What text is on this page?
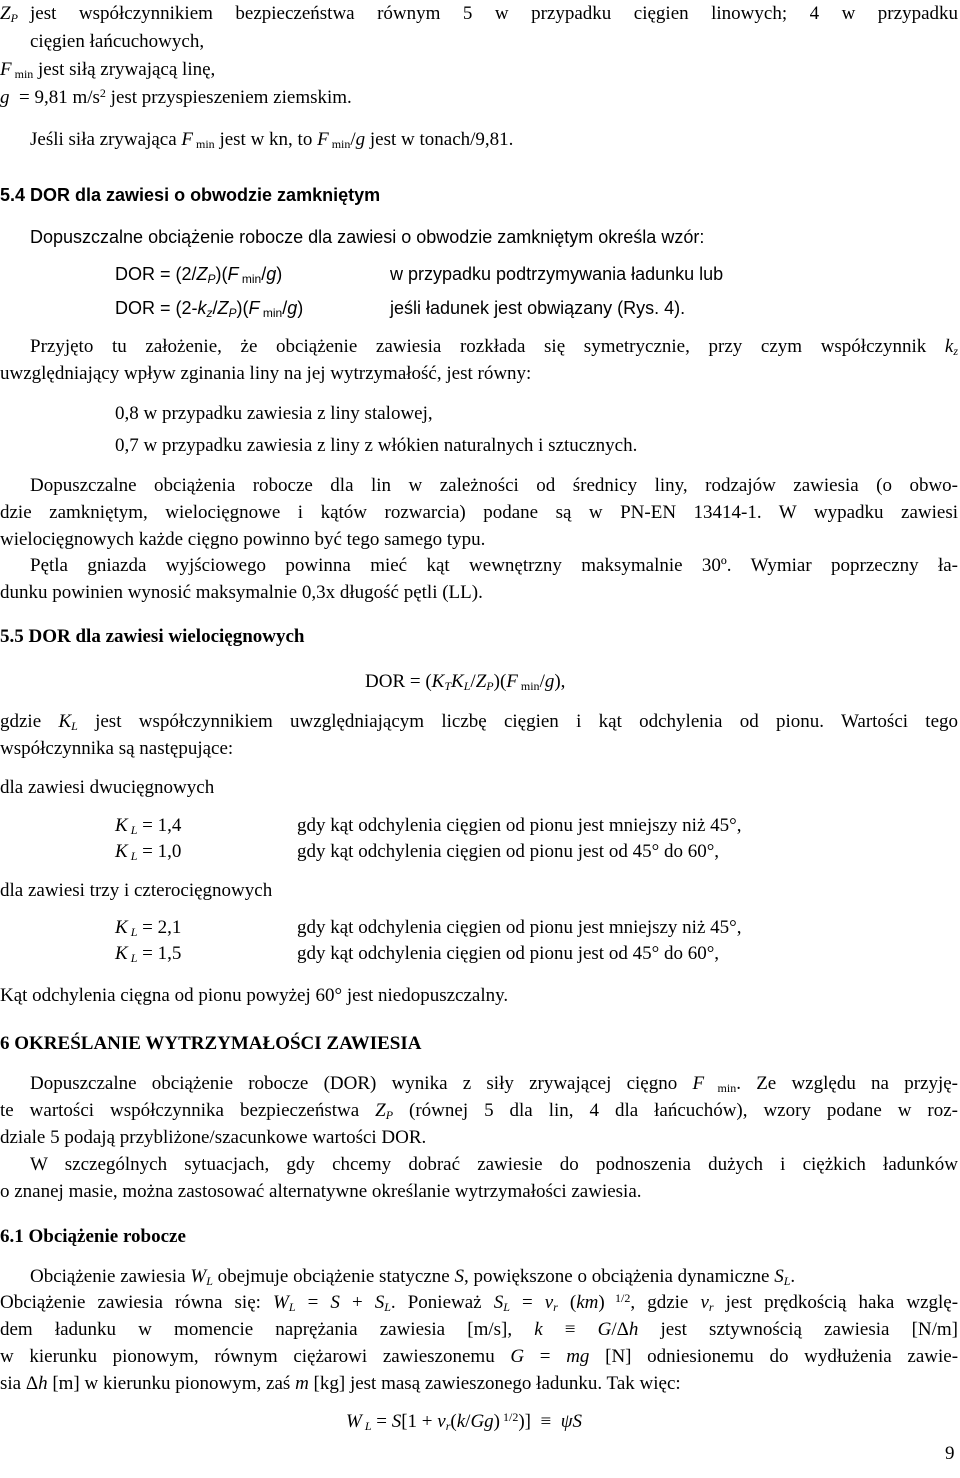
$Z_P$ jest współczynnikiem bezpieczeństwa równym 5 w przypadku cięgien linowych; 4 w przypadku
cięgien łańcuchowych,
F $_{min}$ jest siłą zrywającą linę,
g = 9,81 $m/s^2$ jest przyspieszeniem ziemskim.
Jeśli siła zrywająca F $_{min}$ jest w kn, to F $_{min}$/g jest w tonach/9,81.
5.4 DOR dla zawiesi o obwodzie zamkniętym
Dopuszczalne obciążenie robocze dla zawiesi o obwodzie zamkniętym określa wzór:
DOR = $(2/Z_P)(F$ $_{min}$/g)	w przypadku podtrzymywania ładunku lub
DOR = $(2-k_z/Z_P)(F$ $_{min}$/g)	jeśli ładunek jest obwiązany (Rys. 4).
Przyjęto tu założenie, że obciążenie zawiesia rozkłada się symetrycznie, przy czym współczynnik $k_z$
uwzględniający wpływ zginania liny na jej wytrzymałość, jest równy:
0,8 w przypadku zawiesia z liny stalowej,
0,7 w przypadku zawiesia z liny z włókien naturalnych i sztucznych.
Dopuszczalne obciążenia robocze dla lin w zależności od średnicy liny, rodzajów zawiesia (o obwo-
dzie zamkniętym, wielocięgnowe i kątów rozwarcia) podane są w PN-EN 13414-1. W wypadku zawiesi
wielocięgnowych każde cięgno powinno być tego samego typu.
Pętla gniazda wyjściowego powinna mieć kąt wewnętrzny maksymalnie 30º. Wymiar poprzeczny ła-
dunku powinien wynosić maksymalnie 0,3x długość pętli (LL).
5.5 DOR dla zawiesi wielocięgnowych
DOR = $(K_TK_L/Z_P)(F$ $_{min}$/g),
gdzie $K_L$ jest współczynnikiem uwzględniającym liczbę cięgien i kąt odchylenia od pionu. Wartości tego
współczynnika są następujące:
dla zawiesi dwucięgnowych
K $_L$ = 1,4	gdy kąt odchylenia cięgien od pionu jest mniejszy niż 45°,
K $_L$ = 1,0	gdy kąt odchylenia cięgien od pionu jest od 45° do 60°,
dla zawiesi trzy i czterocięgnowych
K $_L$ = 2,1	gdy kąt odchylenia cięgien od pionu jest mniejszy niż 45°,
K $_L$ = 1,5	gdy kąt odchylenia cięgien od pionu jest od 45° do 60°,
Kąt odchylenia cięgna od pionu powyżej 60° jest niedopuszczalny.
6 OKREŚLANIE WYTRZYMAŁOŚCI ZAWIESIA
Dopuszczalne obciążenie robocze (DOR) wynika z siły zrywającej cięgno F $_{min}$. Ze względu na przyję-
te wartości współczynnika bezpieczeństwa $Z_P$ (równej 5 dla lin, 4 dla łańcuchów), wzory podane w roz-
dziale 5 podają przybliżone/szacunkowe wartości DOR.
W szczególnych sytuacjach, gdy chcemy dobrać zawiesie do podnoszenia dużych i ciężkich ładunków
o znanej masie, można zastosować alternatywne określanie wytrzymałości zawiesia.
6.1 Obciążenie robocze
Obciążenie zawiesia $W_L$ obejmuje obciążenie statyczne S, powiększone o obciążenia dynamiczne $S_L$.
Obciążenie zawiesia równa się: $W_L = S + S_L$. Ponieważ $S_L = v_r$ (km) $^{1/2}$, gdzie $v_r$ jest prędkością haka wzglę-
dem ładunku w momencie naprężania zawiesia [m/s], k ≡ G/Δh jest sztywnością zawiesia [N/m]
w kierunku pionowym, równym ciężarowi zawieszonemu G = mg [N] odniesionemu do wydłużenia zawie-
sia Δh [m] w kierunku pionowym, zaś m [kg] jest masą zawieszonego ładunku. Tak więc:
W $_L = S[1 + v_r(k/Gg) ^{1/2})] \equiv \psi S$
9
